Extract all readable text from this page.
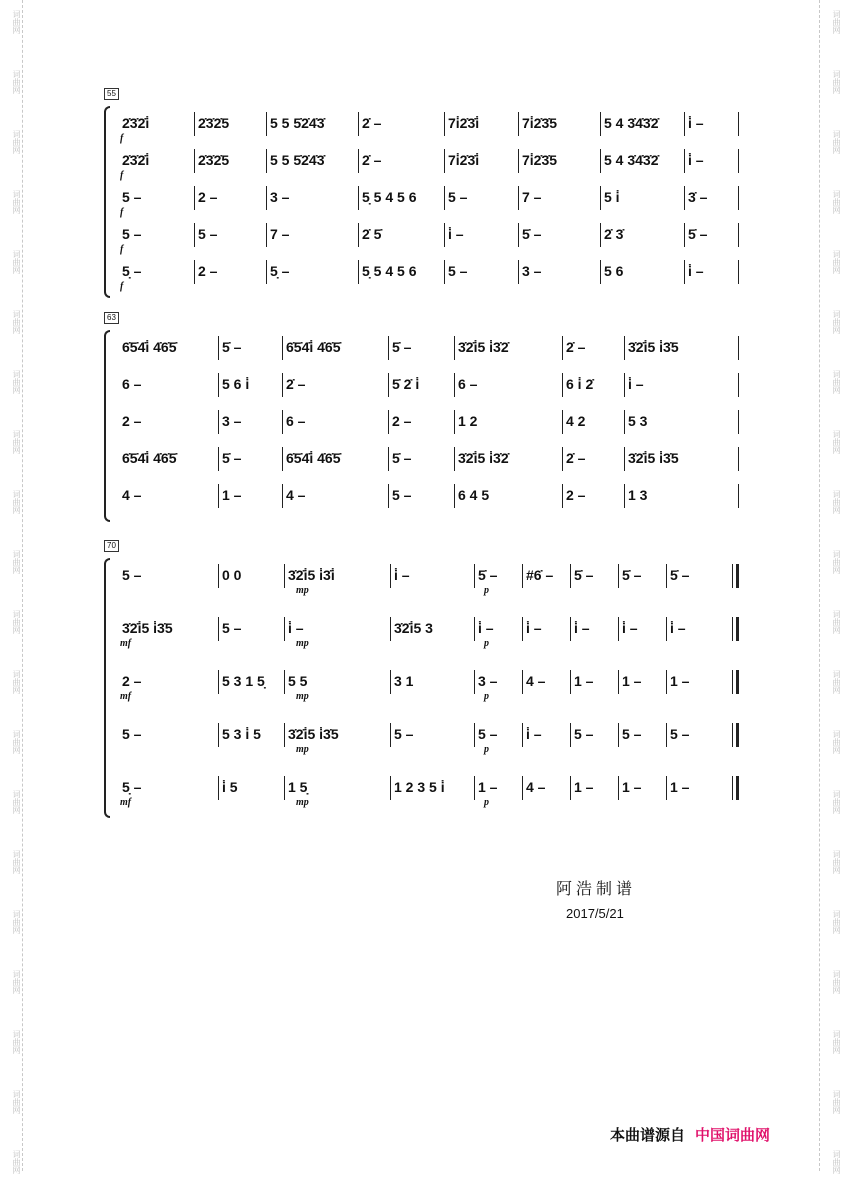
词曲网
词曲网
词曲网
词曲网
词曲网
词曲网
词曲网
词曲网
词曲网
词曲网
词曲网
词曲网
词曲网
词曲网
词曲网
词曲网
词曲网
词曲网
词曲网
词曲网
词曲网
词曲网
词曲网
词曲网
词曲网
词曲网
词曲网
词曲网
词曲网
词曲网
词曲网
词曲网
词曲网
词曲网
词曲网
词曲网
词曲网
词曲网
词曲网
词曲网
55
2̇3̇2̇i̇	2̇3̇2̇5	5 5 5̇2̇4̇3̇	2̇ –	7i̇2̇3̇i̇	7i̇2̇3̇5	5 4 3̇4̇3̇2̇	i̇ –
f
2̇3̇2̇i̇	2̇3̇2̇5	5 5 5̇2̇4̇3̇	2̇ –	7i̇2̇3̇i̇	7i̇2̇3̇5	5 4 3̇4̇3̇2̇	i̇ –
f
5 –	2 –	3 –	5̣ 5 4 5 6	5 –	7 –	5 i̇	3̇ –
f
5 –	5 –	7 –	2̇ 5̇	i̇ –	5̇ –	2̇ 3̇	5̇ –
f
5̣ –	2 –	5̣ –	5̣ 5 4 5 6	5 –	3 –	5 6	i̇ –
f
63
6̇5̇4̇i̇ 4̇6̇5̇	5̇ –	6̇5̇4̇i̇ 4̇6̇5̇	5̇ –	3̇2̇i̇5 i̇3̇2̇	2̇ –	3̇2̇i̇5 i̇3̇5
6 –	5 6 i̇	2̇ –	5̇ 2̇ i̇	6 –	6 i̇ 2̇	i̇ –
2 –	3 –	6 –	2 –	1 2	4 2	5 3
6̇5̇4̇i̇ 4̇6̇5̇	5̇ –	6̇5̇4̇i̇ 4̇6̇5̇	5̇ –	3̇2̇i̇5 i̇3̇2̇	2̇ –	3̇2̇i̇5 i̇3̇5
4 –	1 –	4 –	5 –	6 4 5	2 –	1 3
70
5 –	0 0	3̇2̇i̇5 i̇3̇i̇	i̇ –	5̇ –	#6̇ –	5̇ –	5̇ –	5̇ –
mp	p
3̇2̇i̇5 i̇3̇5	5 –	i̇ –	3̇2̇i̇5 3	i̇ –	i̇ –	i̇ –	i̇ –	i̇ –
mf	mp	p
2 –	5 3 1 5̣	5 5	3 1	3 –	4 –	1 –	1 –	1 –
mf	mp	p
5 –	5 3 i̇ 5	3̇2̇i̇5 i̇3̇5	5 –	5 –	i̇ –	5 –	5 –	5 –
mp	p
5̣ –	i̇ 5	1 5̣	1 2 3 5 i̇	1 –	4 –	1 –	1 –	1 –
mf	mp	p
阿浩制谱
2017/5/21
本曲谱源自 中国词曲网
